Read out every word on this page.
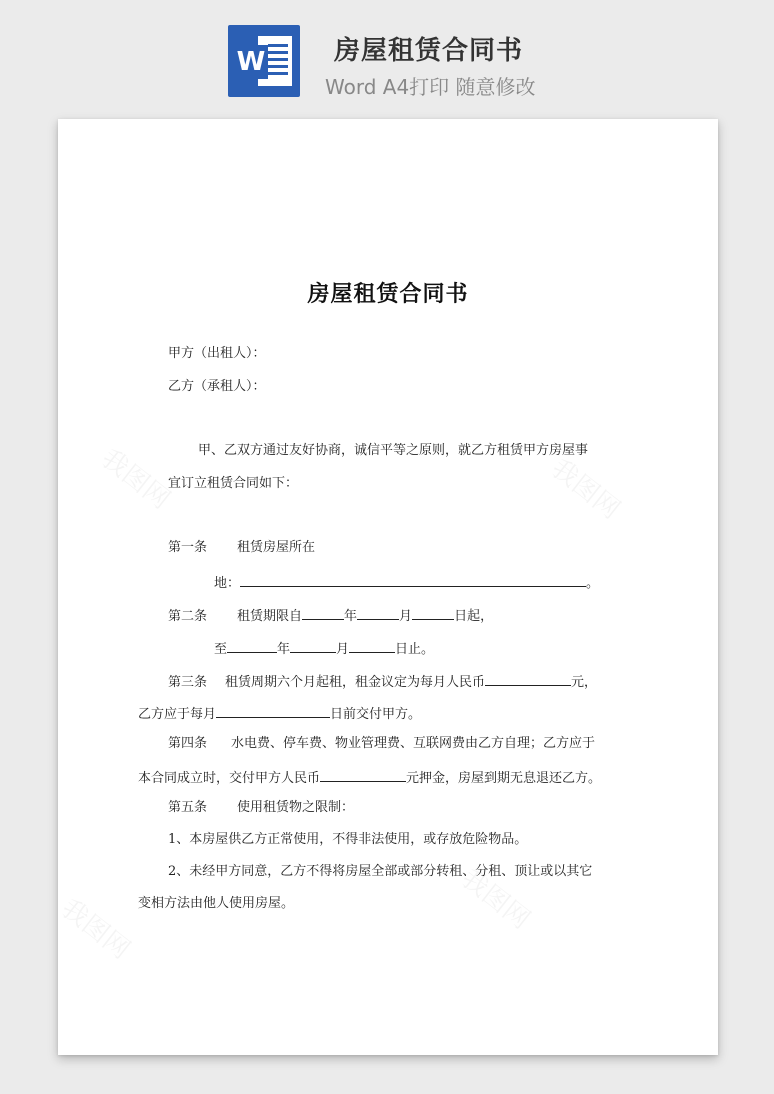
W	房屋租赁合同书
Word A4打印 随意修改
房屋租赁合同书
甲方（出租人）：
乙方（承租人）：
甲、乙双方通过友好协商，诚信平等之原则，就乙方租赁甲方房屋事
宜订立租赁合同如下：
第一条 租赁房屋所在
地：	。
第二条 租赁期限自	年	月	日起，
至	年	月	日止。
第三条 租赁周期六个月起租，租金议定为每月人民币	元，
乙方应于每月	日前交付甲方。
第四条 水电费、停车费、物业管理费、互联网费由乙方自理；乙方应于
本合同成立时，交付甲方人民币	元押金，房屋到期无息退还乙方。
第五条 使用租赁物之限制：
1、本房屋供乙方正常使用，不得非法使用，或存放危险物品。
2、未经甲方同意，乙方不得将房屋全部或部分转租、分租、顶让或以其它
变相方法由他人使用房屋。
